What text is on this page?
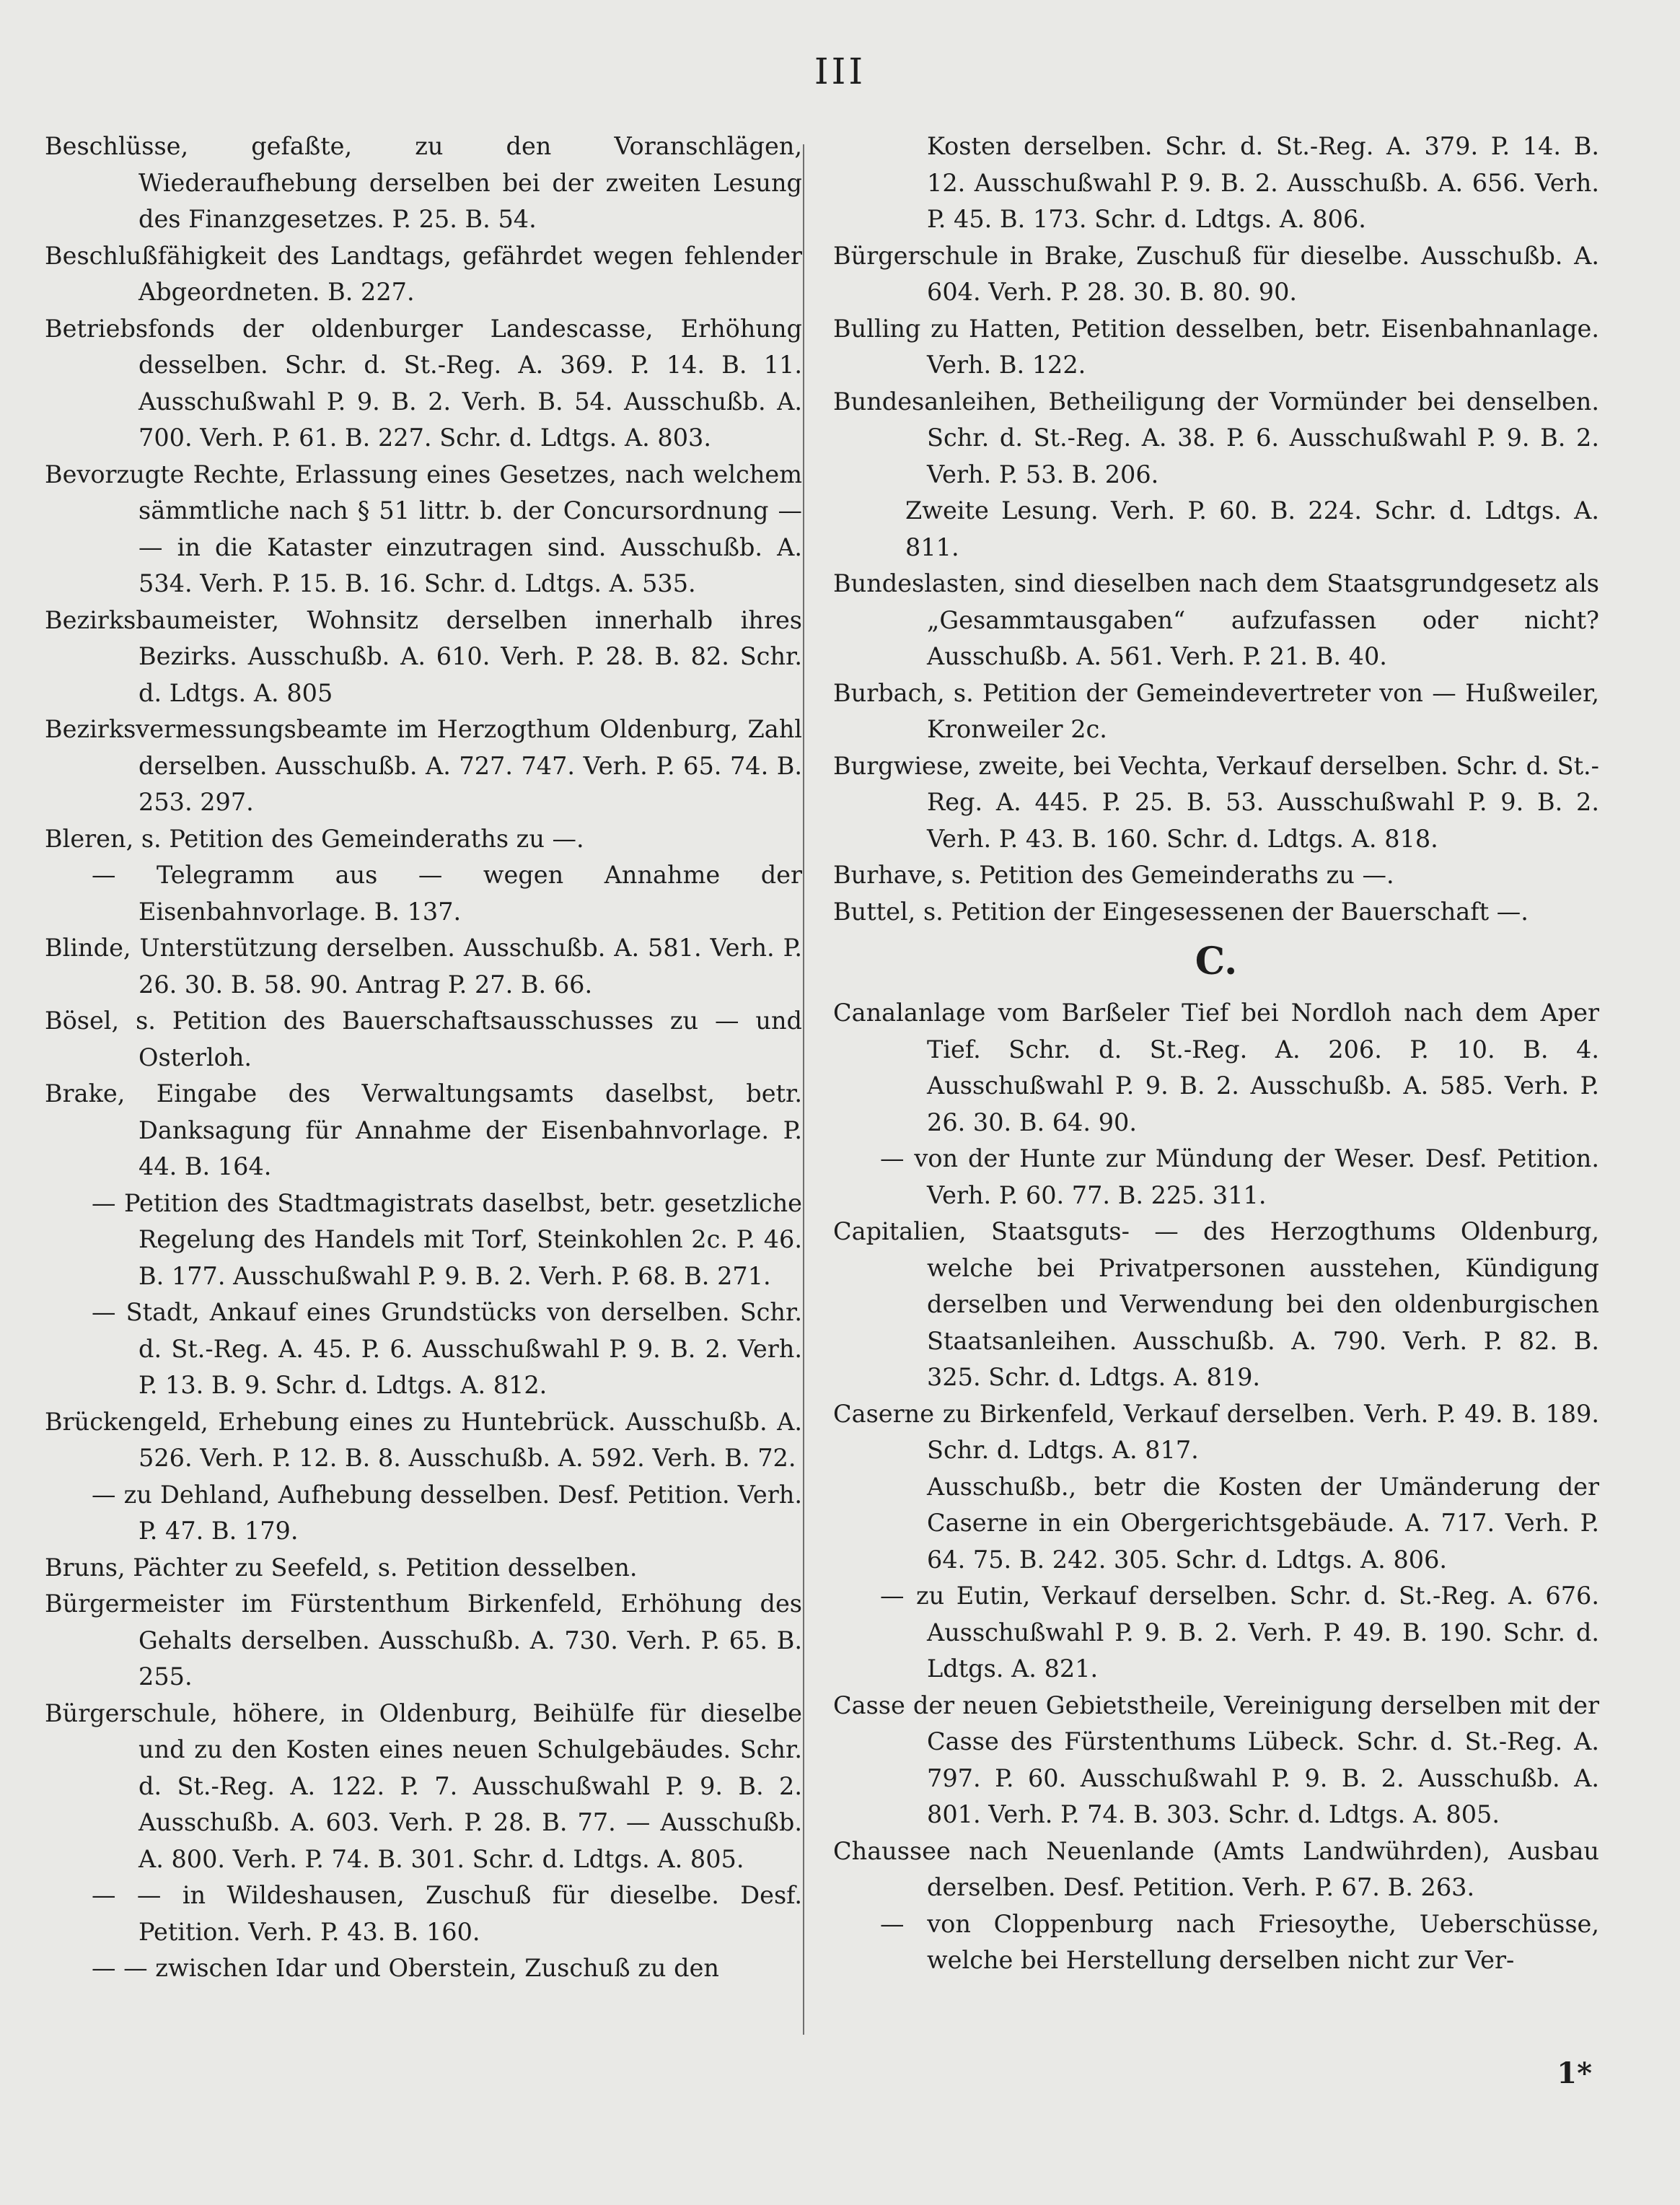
III

Beschlüsse, gefaßte, zu den Voranschlägen, Wiederaufhebung derselben bei der zweiten Lesung des Finanzgesetzes. P. 25. B. 54.

Beschlußfähigkeit des Landtags, gefährdet wegen fehlender Abgeordneten. B. 227.

Betriebsfonds der oldenburger Landescasse, Erhöhung desselben. Schr. d. St.-Reg. A. 369. P. 14. B. 11. Ausschußwahl P. 9. B. 2. Verh. B. 54. Ausschußb. A. 700. Verh. P. 61. B. 227. Schr. d. Ldtgs. A. 803.

Bevorzugte Rechte, Erlassung eines Gesetzes, nach welchem sämmtliche nach § 51 littr. b. der Concursordnung — — in die Kataster einzutragen sind. Ausschußb. A. 534. Verh. P. 15. B. 16. Schr. d. Ldtgs. A. 535.

Bezirksbaumeister, Wohnsitz derselben innerhalb ihres Bezirks. Ausschußb. A. 610. Verh. P. 28. B. 82. Schr. d. Ldtgs. A. 805

Bezirksvermessungsbeamte im Herzogthum Oldenburg, Zahl derselben. Ausschußb. A. 727. 747. Verh. P. 65. 74. B. 253. 297.

Bleren, s. Petition des Gemeinderaths zu —.

— Telegramm aus — wegen Annahme der Eisenbahnvorlage. B. 137.

Blinde, Unterstützung derselben. Ausschußb. A. 581. Verh. P. 26. 30. B. 58. 90. Antrag P. 27. B. 66.

Bösel, s. Petition des Bauerschaftsausschusses zu — und Osterloh.

Brake, Eingabe des Verwaltungsamts daselbst, betr. Danksagung für Annahme der Eisenbahnvorlage. P. 44. B. 164.

— Petition des Stadtmagistrats daselbst, betr. gesetzliche Regelung des Handels mit Torf, Steinkohlen 2c. P. 46. B. 177. Ausschußwahl P. 9. B. 2. Verh. P. 68. B. 271.

— Stadt, Ankauf eines Grundstücks von derselben. Schr. d. St.-Reg. A. 45. P. 6. Ausschußwahl P. 9. B. 2. Verh. P. 13. B. 9. Schr. d. Ldtgs. A. 812.

Brückengeld, Erhebung eines zu Huntebrück. Ausschußb. A. 526. Verh. P. 12. B. 8. Ausschußb. A. 592. Verh. B. 72.

— zu Dehland, Aufhebung desselben. Desf. Petition. Verh. P. 47. B. 179.

Bruns, Pächter zu Seefeld, s. Petition desselben.

Bürgermeister im Fürstenthum Birkenfeld, Erhöhung des Gehalts derselben. Ausschußb. A. 730. Verh. P. 65. B. 255.

Bürgerschule, höhere, in Oldenburg, Beihülfe für dieselbe und zu den Kosten eines neuen Schulgebäudes. Schr. d. St.-Reg. A. 122. P. 7. Ausschußwahl P. 9. B. 2. Ausschußb. A. 603. Verh. P. 28. B. 77. — Ausschußb. A. 800. Verh. P. 74. B. 301. Schr. d. Ldtgs. A. 805.

— — in Wildeshausen, Zuschuß für dieselbe. Desf. Petition. Verh. P. 43. B. 160.

— — zwischen Idar und Oberstein, Zuschuß zu den

Kosten derselben. Schr. d. St.-Reg. A. 379. P. 14. B. 12. Ausschußwahl P. 9. B. 2. Ausschußb. A. 656. Verh. P. 45. B. 173. Schr. d. Ldtgs. A. 806.

Bürgerschule in Brake, Zuschuß für dieselbe. Ausschußb. A. 604. Verh. P. 28. 30. B. 80. 90.

Bulling zu Hatten, Petition desselben, betr. Eisenbahnanlage. Verh. B. 122.

Bundesanleihen, Betheiligung der Vormünder bei denselben. Schr. d. St.-Reg. A. 38. P. 6. Ausschußwahl P. 9. B. 2. Verh. P. 53. B. 206.

Zweite Lesung. Verh. P. 60. B. 224. Schr. d. Ldtgs. A. 811.

Bundeslasten, sind dieselben nach dem Staatsgrundgesetz als „Gesammtausgaben“ aufzufassen oder nicht? Ausschußb. A. 561. Verh. P. 21. B. 40.

Burbach, s. Petition der Gemeindevertreter von — Hußweiler, Kronweiler 2c.

Burgwiese, zweite, bei Vechta, Verkauf derselben. Schr. d. St.-Reg. A. 445. P. 25. B. 53. Ausschußwahl P. 9. B. 2. Verh. P. 43. B. 160. Schr. d. Ldtgs. A. 818.

Burhave, s. Petition des Gemeinderaths zu —.

Buttel, s. Petition der Eingesessenen der Bauerschaft —.

C.

Canalanlage vom Barßeler Tief bei Nordloh nach dem Aper Tief. Schr. d. St.-Reg. A. 206. P. 10. B. 4. Ausschußwahl P. 9. B. 2. Ausschußb. A. 585. Verh. P. 26. 30. B. 64. 90.

— von der Hunte zur Mündung der Weser. Desf. Petition. Verh. P. 60. 77. B. 225. 311.

Capitalien, Staatsguts- — des Herzogthums Oldenburg, welche bei Privatpersonen ausstehen, Kündigung derselben und Verwendung bei den oldenburgischen Staatsanleihen. Ausschußb. A. 790. Verh. P. 82. B. 325. Schr. d. Ldtgs. A. 819.

Caserne zu Birkenfeld, Verkauf derselben. Verh. P. 49. B. 189. Schr. d. Ldtgs. A. 817.

Ausschußb., betr die Kosten der Umänderung der Caserne in ein Obergerichtsgebäude. A. 717. Verh. P. 64. 75. B. 242. 305. Schr. d. Ldtgs. A. 806.

— zu Eutin, Verkauf derselben. Schr. d. St.-Reg. A. 676. Ausschußwahl P. 9. B. 2. Verh. P. 49. B. 190. Schr. d. Ldtgs. A. 821.

Casse der neuen Gebietstheile, Vereinigung derselben mit der Casse des Fürstenthums Lübeck. Schr. d. St.-Reg. A. 797. P. 60. Ausschußwahl P. 9. B. 2. Ausschußb. A. 801. Verh. P. 74. B. 303. Schr. d. Ldtgs. A. 805.

Chaussee nach Neuenlande (Amts Landwührden), Ausbau derselben. Desf. Petition. Verh. P. 67. B. 263.

— von Cloppenburg nach Friesoythe, Ueberschüsse, welche bei Herstellung derselben nicht zur Ver-

1*
